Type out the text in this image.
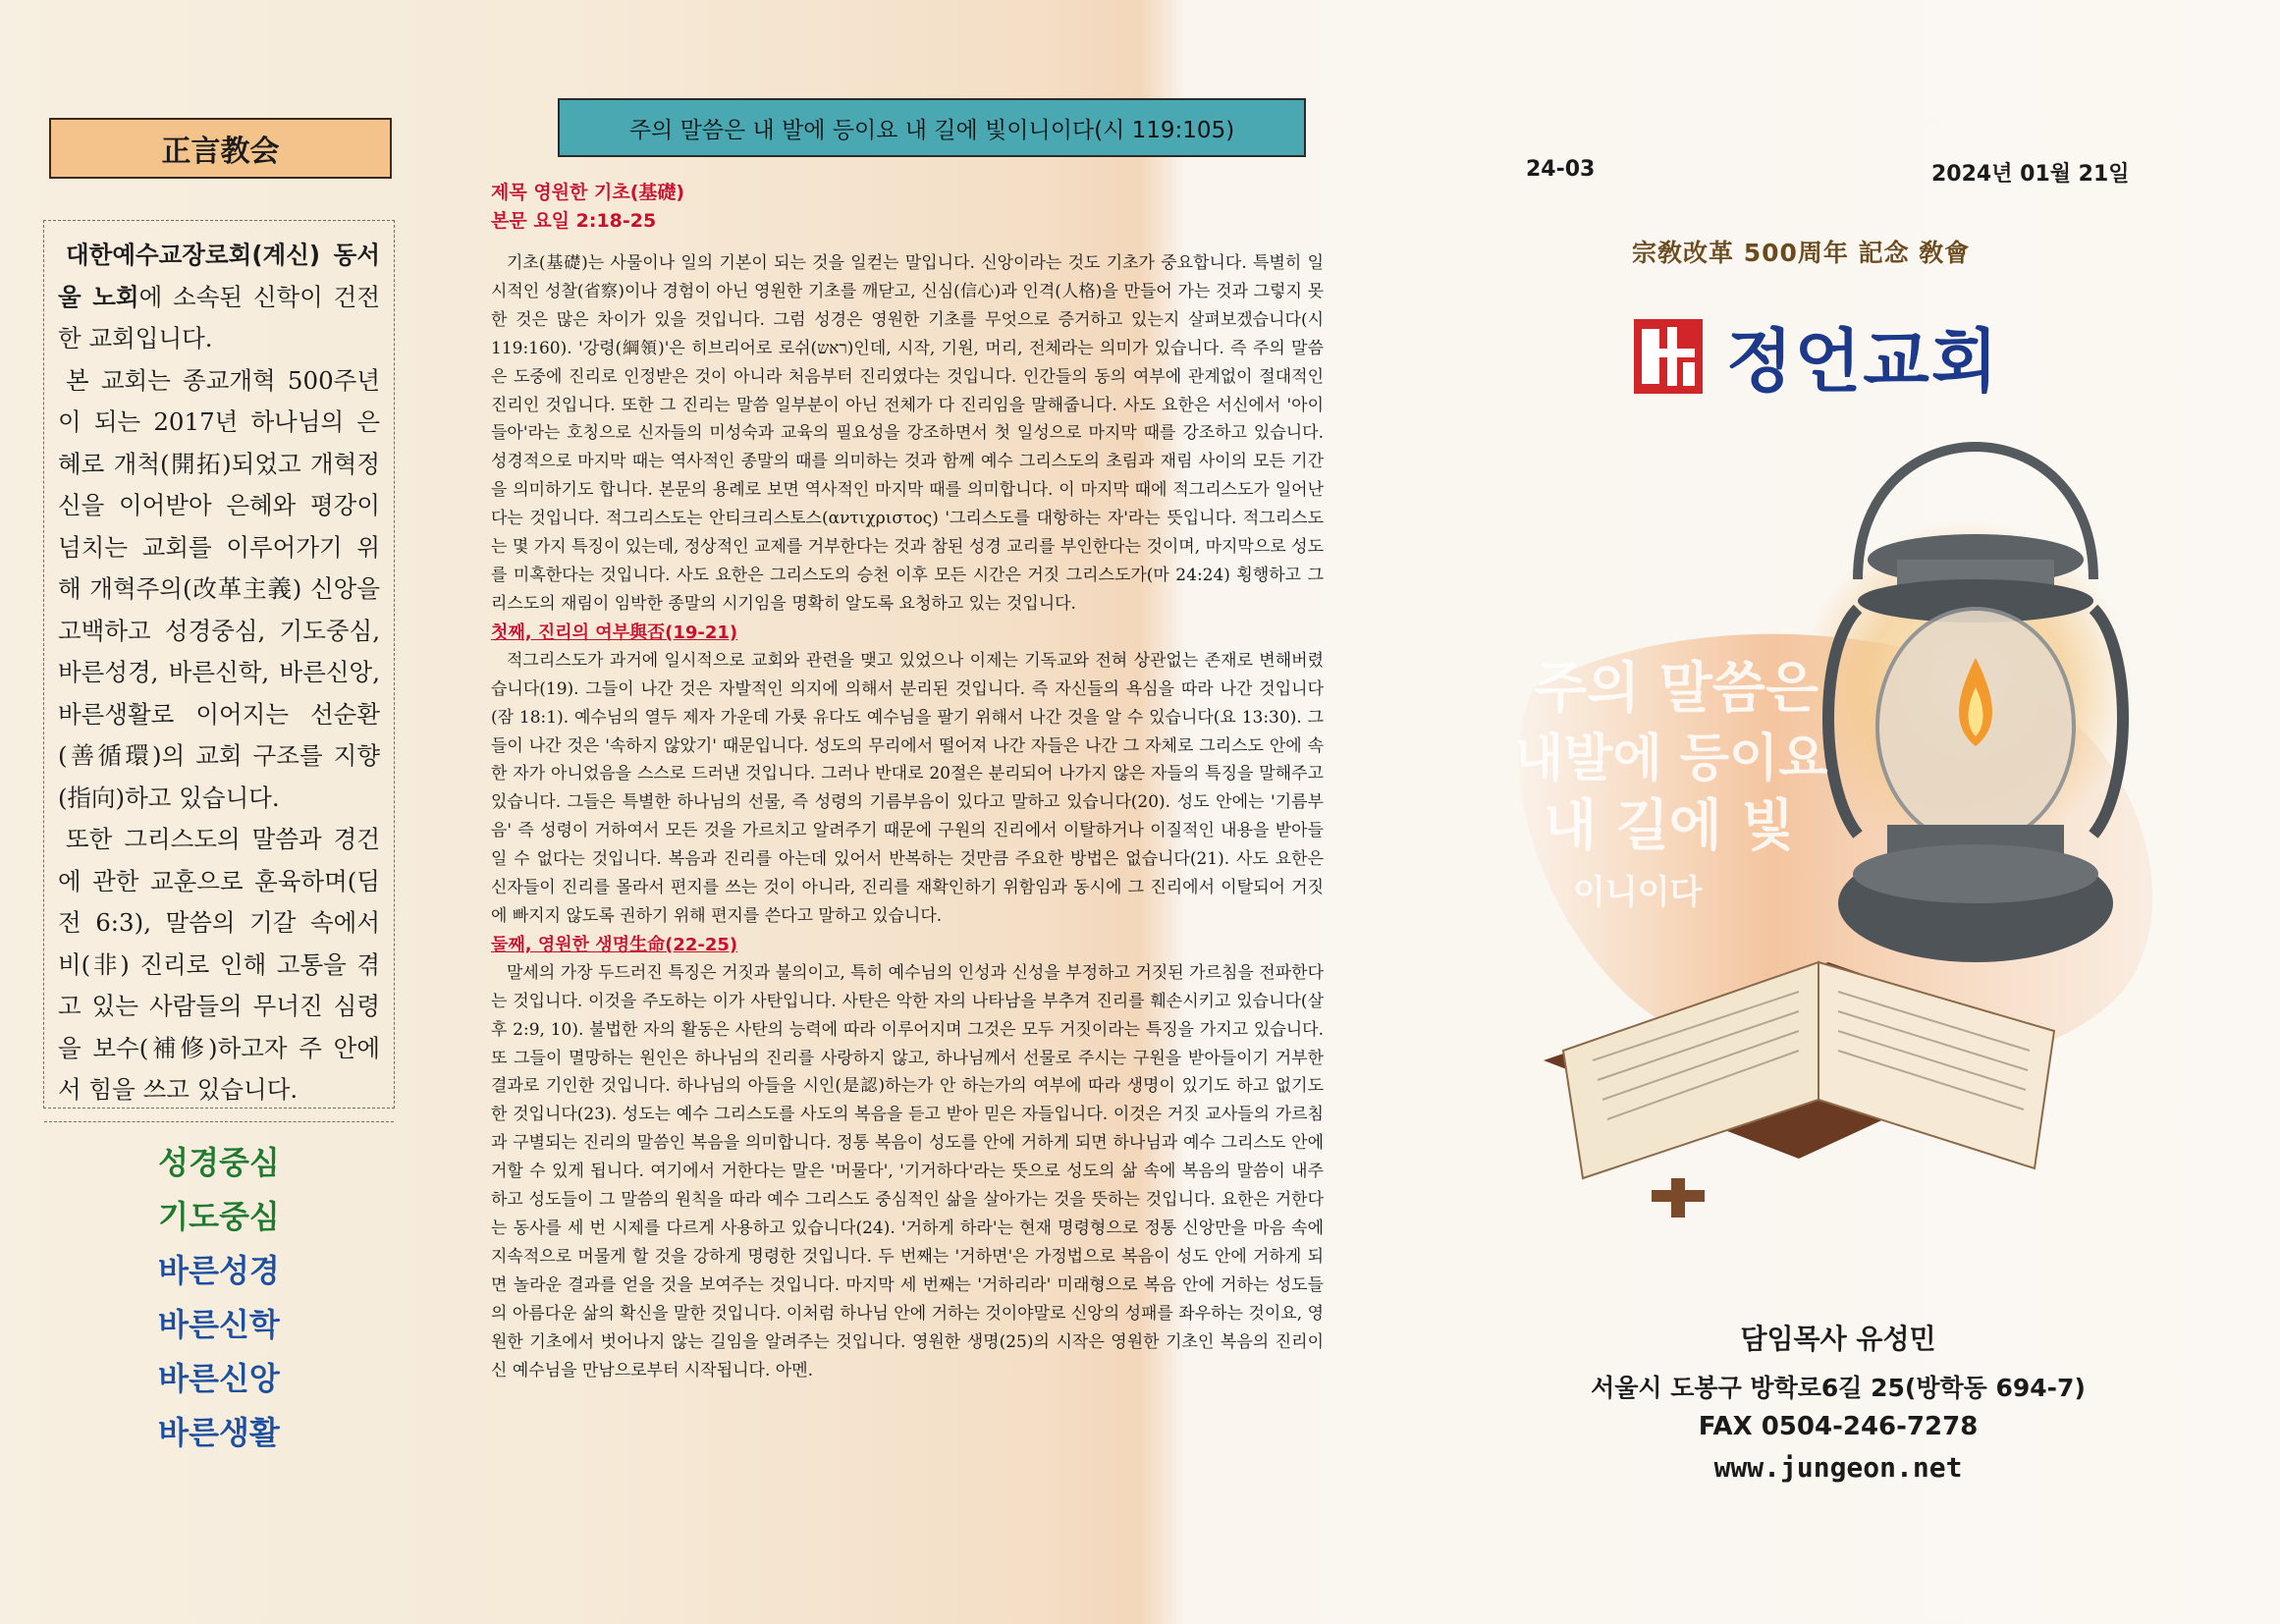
正言教会

대한예수교장로회(계신) 동서울 노회에 소속된 신학이 건전한 교회입니다.

본 교회는 종교개혁 500주년이 되는 2017년 하나님의 은혜로 개척(開拓)되었고 개혁정신을 이어받아 은혜와 평강이 넘치는 교회를 이루어가기 위해 개혁주의(改革主義) 신앙을 고백하고 성경중심, 기도중심, 바른성경, 바른신학, 바른신앙, 바른생활로 이어지는 선순환(善循環)의 교회 구조를 지향(指向)하고 있습니다.

또한 그리스도의 말씀과 경건에 관한 교훈으로 훈육하며(딤전 6:3), 말씀의 기갈 속에서 비(非) 진리로 인해 고통을 겪고 있는 사람들의 무너진 심령을 보수(補修)하고자 주 안에서 힘을 쓰고 있습니다.

성경중심
기도중심
바른성경
바른신학
바른신앙
바른생활
주의 말씀은 내 발에 등이요 내 길에 빛이니이다(시 119:105)
제목 영원한 기초(基礎)
본문 요일 2:18-25

기초(基礎)는 사물이나 일의 기본이 되는 것을 일컫는 말입니다. 신앙이라는 것도 기초가 중요합니다. 특별히 일시적인 성찰(省察)이나 경험이 아닌 영원한 기초를 깨닫고, 신심(信心)과 인격(人格)을 만들어 가는 것과 그렇지 못한 것은 많은 차이가 있을 것입니다. 그럼 성경은 영원한 기초를 무엇으로 증거하고 있는지 살펴보겠습니다(시 119:160). '강령(綱領)'은 히브리어로 로쉬(ראש)인데, 시작, 기원, 머리, 전체라는 의미가 있습니다. 즉 주의 말씀은 도중에 진리로 인정받은 것이 아니라 처음부터 진리였다는 것입니다. 인간들의 동의 여부에 관계없이 절대적인 진리인 것입니다. 또한 그 진리는 말씀 일부분이 아닌 전체가 다 진리임을 말해줍니다. 사도 요한은 서신에서 '아이들아'라는 호칭으로 신자들의 미성숙과 교육의 필요성을 강조하면서 첫 일성으로 마지막 때를 강조하고 있습니다. 성경적으로 마지막 때는 역사적인 종말의 때를 의미하는 것과 함께 예수 그리스도의 초림과 재림 사이의 모든 기간을 의미하기도 합니다. 본문의 용례로 보면 역사적인 마지막 때를 의미합니다. 이 마지막 때에 적그리스도가 일어난다는 것입니다. 적그리스도는 안티크리스토스(αντιχριστος) '그리스도를 대항하는 자'라는 뜻입니다. 적그리스도는 몇 가지 특징이 있는데, 정상적인 교제를 거부한다는 것과 참된 성경 교리를 부인한다는 것이며, 마지막으로 성도를 미혹한다는 것입니다. 사도 요한은 그리스도의 승천 이후 모든 시간은 거짓 그리스도가(마 24:24) 횡행하고 그리스도의 재림이 임박한 종말의 시기임을 명확히 알도록 요청하고 있는 것입니다.

첫째, 진리의 여부與否(19-21)

적그리스도가 과거에 일시적으로 교회와 관련을 맺고 있었으나 이제는 기독교와 전혀 상관없는 존재로 변해버렸습니다(19). 그들이 나간 것은 자발적인 의지에 의해서 분리된 것입니다. 즉 자신들의 욕심을 따라 나간 것입니다(잠 18:1). 예수님의 열두 제자 가운데 가룟 유다도 예수님을 팔기 위해서 나간 것을 알 수 있습니다(요 13:30). 그들이 나간 것은 '속하지 않았기' 때문입니다. 성도의 무리에서 떨어져 나간 자들은 나간 그 자체로 그리스도 안에 속한 자가 아니었음을 스스로 드러낸 것입니다. 그러나 반대로 20절은 분리되어 나가지 않은 자들의 특징을 말해주고 있습니다. 그들은 특별한 하나님의 선물, 즉 성령의 기름부음이 있다고 말하고 있습니다(20). 성도 안에는 '기름부음' 즉 성령이 거하여서 모든 것을 가르치고 알려주기 때문에 구원의 진리에서 이탈하거나 이질적인 내용을 받아들일 수 없다는 것입니다. 복음과 진리를 아는데 있어서 반복하는 것만큼 주요한 방법은 없습니다(21). 사도 요한은 신자들이 진리를 몰라서 편지를 쓰는 것이 아니라, 진리를 재확인하기 위함임과 동시에 그 진리에서 이탈되어 거짓에 빠지지 않도록 권하기 위해 편지를 쓴다고 말하고 있습니다.

둘째, 영원한 생명生命(22-25)

말세의 가장 두드러진 특징은 거짓과 불의이고, 특히 예수님의 인성과 신성을 부정하고 거짓된 가르침을 전파한다는 것입니다. 이것을 주도하는 이가 사탄입니다. 사탄은 악한 자의 나타남을 부추겨 진리를 훼손시키고 있습니다(살후 2:9, 10). 불법한 자의 활동은 사탄의 능력에 따라 이루어지며 그것은 모두 거짓이라는 특징을 가지고 있습니다. 또 그들이 멸망하는 원인은 하나님의 진리를 사랑하지 않고, 하나님께서 선물로 주시는 구원을 받아들이기 거부한 결과로 기인한 것입니다. 하나님의 아들을 시인(是認)하는가 안 하는가의 여부에 따라 생명이 있기도 하고 없기도 한 것입니다(23). 성도는 예수 그리스도를 사도의 복음을 듣고 받아 믿은 자들입니다. 이것은 거짓 교사들의 가르침과 구별되는 진리의 말씀인 복음을 의미합니다. 정통 복음이 성도를 안에 거하게 되면 하나님과 예수 그리스도 안에 거할 수 있게 됩니다. 여기에서 거한다는 말은 '머물다', '기거하다'라는 뜻으로 성도의 삶 속에 복음의 말씀이 내주하고 성도들이 그 말씀의 원칙을 따라 예수 그리스도 중심적인 삶을 살아가는 것을 뜻하는 것입니다. 요한은 거한다는 동사를 세 번 시제를 다르게 사용하고 있습니다(24). '거하게 하라'는 현재 명령형으로 정통 신앙만을 마음 속에 지속적으로 머물게 할 것을 강하게 명령한 것입니다. 두 번째는 '거하면'은 가정법으로 복음이 성도 안에 거하게 되면 놀라운 결과를 얻을 것을 보여주는 것입니다. 마지막 세 번째는 '거하리라' 미래형으로 복음 안에 거하는 성도들의 아름다운 삶의 확신을 말한 것입니다. 이처럼 하나님 안에 거하는 것이야말로 신앙의 성패를 좌우하는 것이요, 영원한 기초에서 벗어나지 않는 길임을 알려주는 것입니다. 영원한 생명(25)의 시작은 영원한 기초인 복음의 진리이신 예수님을 만남으로부터 시작됩니다. 아멘.

24-03	2024년 01월 21일
宗敎改革 500周年 記念 敎會
정언교회
주의 말씀은
내발에 등이요
내 길에 빛
이니이다
담임목사 유성민
서울시 도봉구 방학로6길 25(방학동 694-7)
FAX 0504-246-7278
www.jungeon.net
